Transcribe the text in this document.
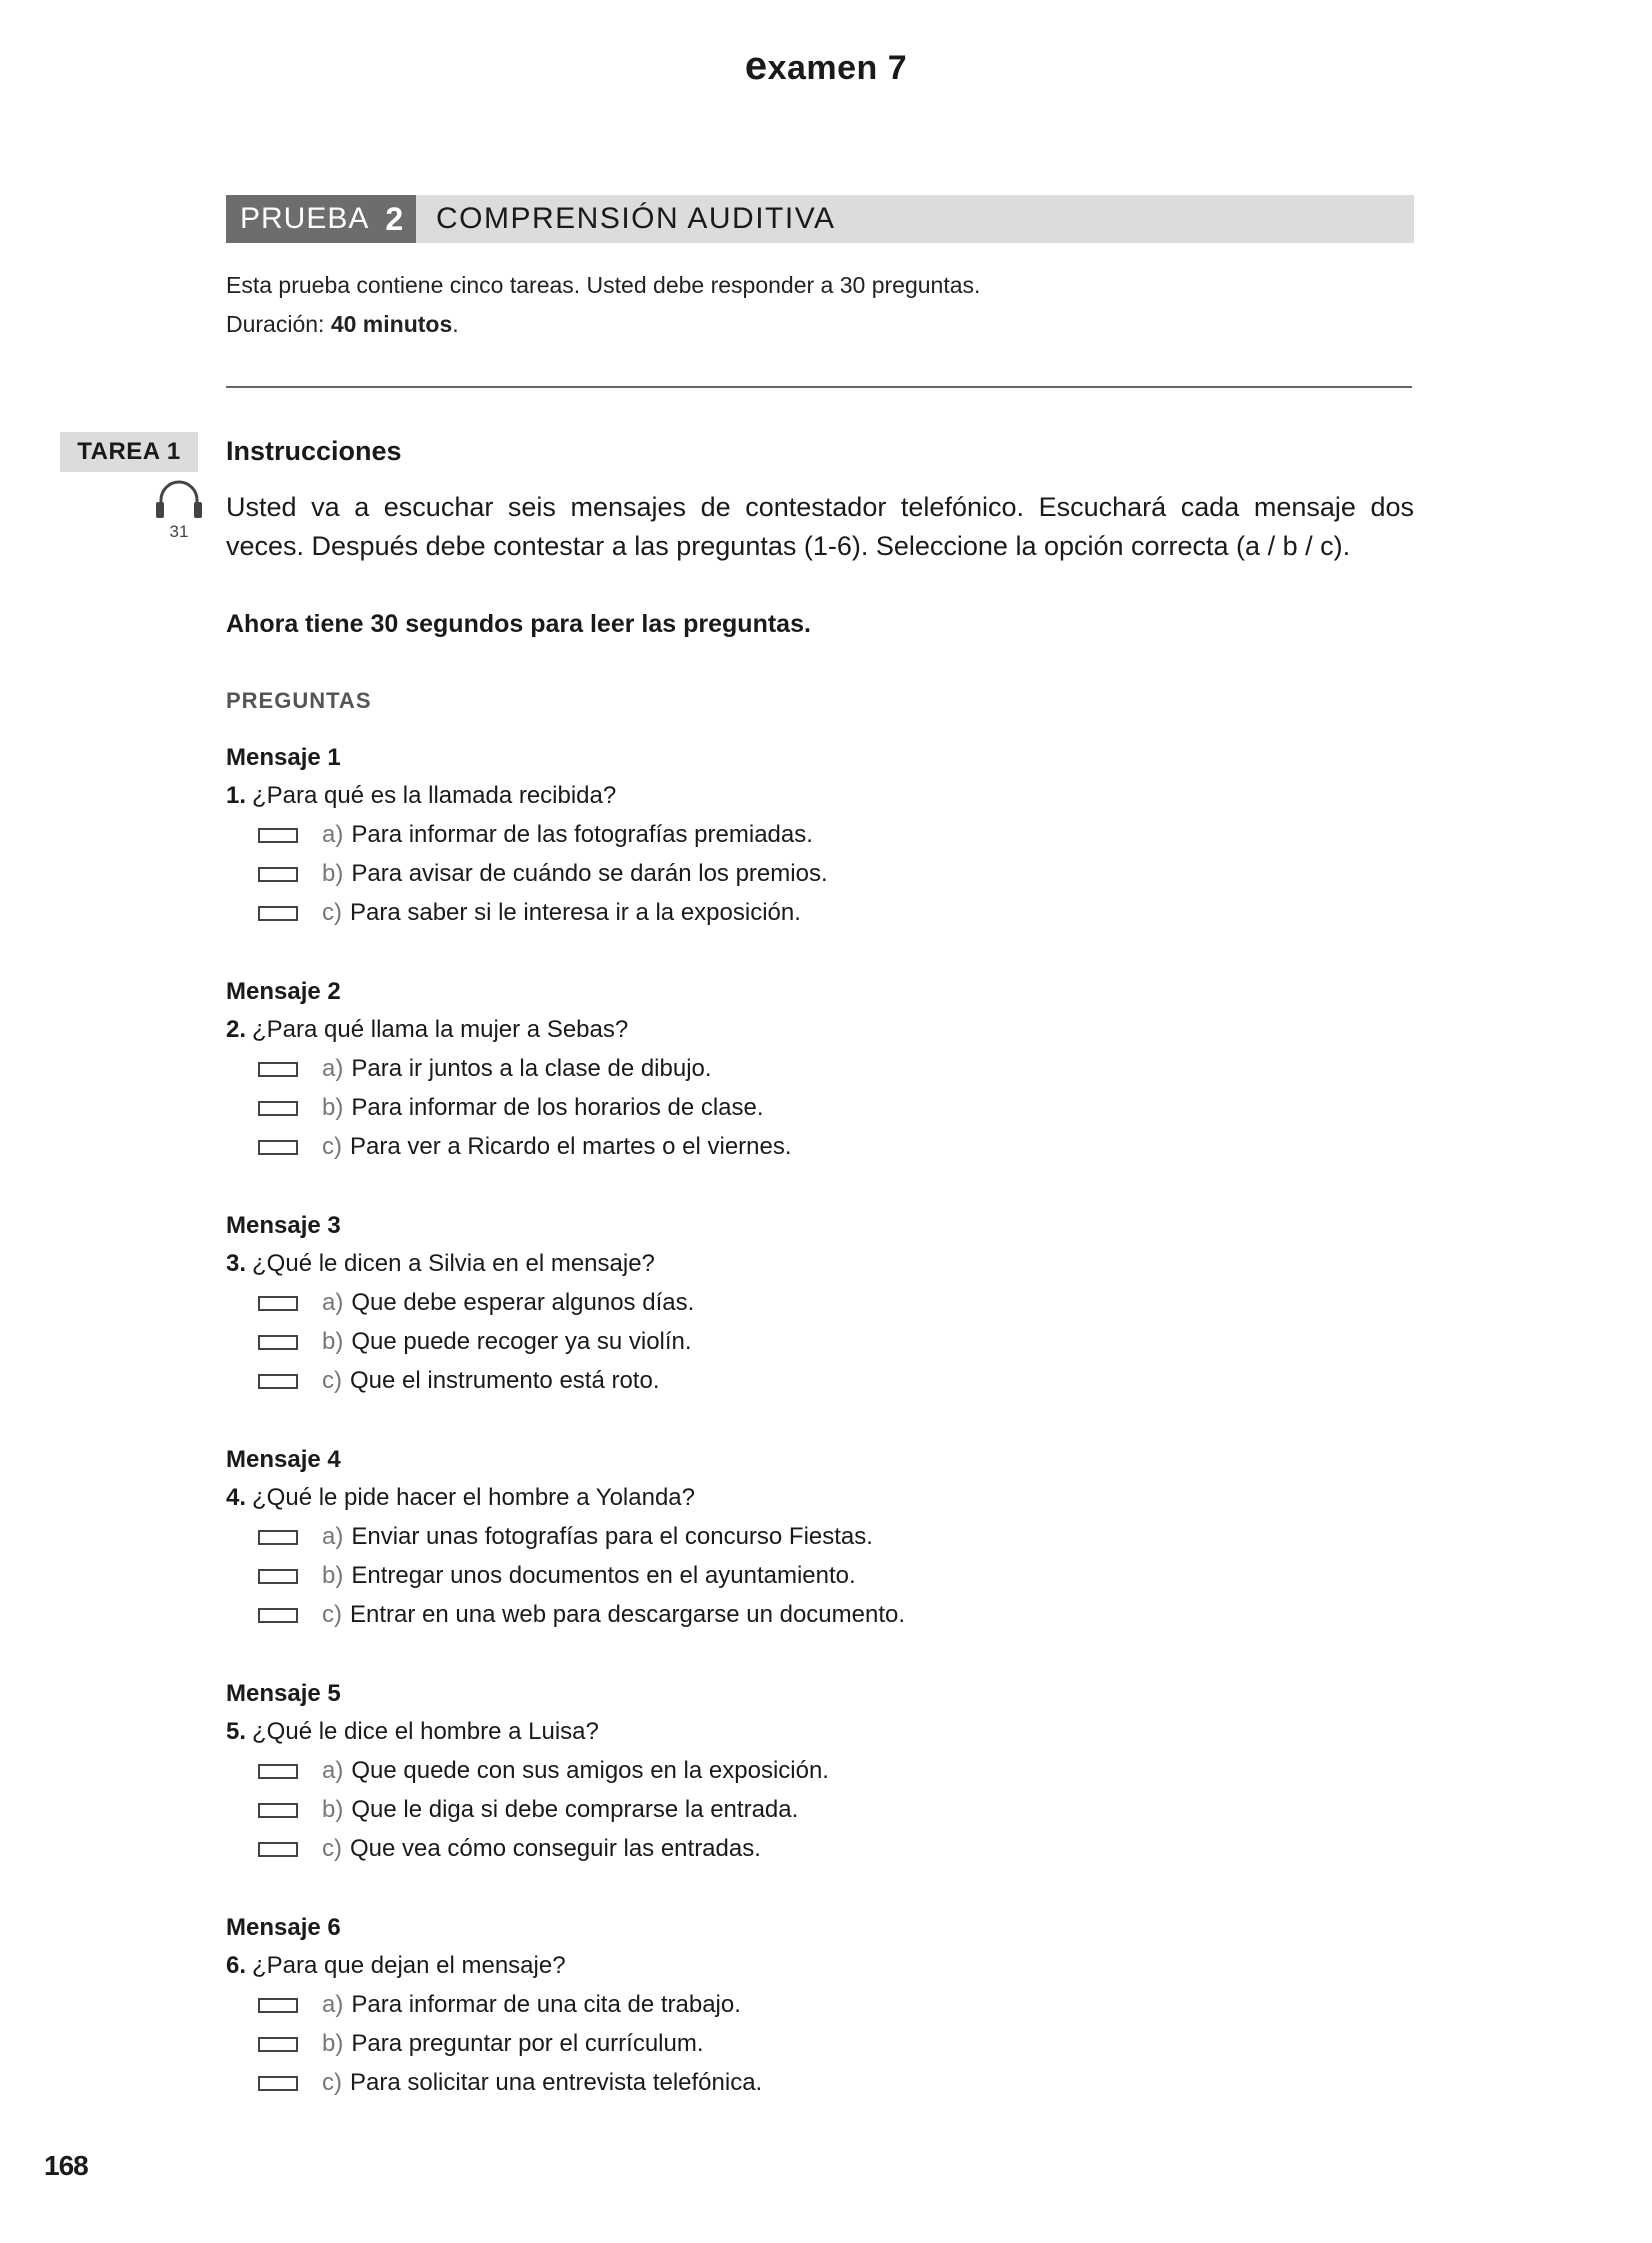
examen 7
PRUEBA 2 COMPRENSIÓN AUDITIVA
Esta prueba contiene cinco tareas. Usted debe responder a 30 preguntas.
Duración: 40 minutos.
TAREA 1	Instrucciones
31
Usted va a escuchar seis mensajes de contestador telefónico. Escuchará cada mensaje dos veces. Después debe contestar a las preguntas (1-6). Seleccione la opción correcta (a / b / c).
Ahora tiene 30 segundos para leer las preguntas.
PREGUNTAS
Mensaje 1
1. ¿Para qué es la llamada recibida?
a) Para informar de las fotografías premiadas.
b) Para avisar de cuándo se darán los premios.
c) Para saber si le interesa ir a la exposición.
Mensaje 2
2. ¿Para qué llama la mujer a Sebas?
a) Para ir juntos a la clase de dibujo.
b) Para informar de los horarios de clase.
c) Para ver a Ricardo el martes o el viernes.
Mensaje 3
3. ¿Qué le dicen a Silvia en el mensaje?
a) Que debe esperar algunos días.
b) Que puede recoger ya su violín.
c) Que el instrumento está roto.
Mensaje 4
4. ¿Qué le pide hacer el hombre a Yolanda?
a) Enviar unas fotografías para el concurso Fiestas.
b) Entregar unos documentos en el ayuntamiento.
c) Entrar en una web para descargarse un documento.
Mensaje 5
5. ¿Qué le dice el hombre a Luisa?
a) Que quede con sus amigos en la exposición.
b) Que le diga si debe comprarse la entrada.
c) Que vea cómo conseguir las entradas.
Mensaje 6
6. ¿Para que dejan el mensaje?
a) Para informar de una cita de trabajo.
b) Para preguntar por el currículum.
c) Para solicitar una entrevista telefónica.
168
